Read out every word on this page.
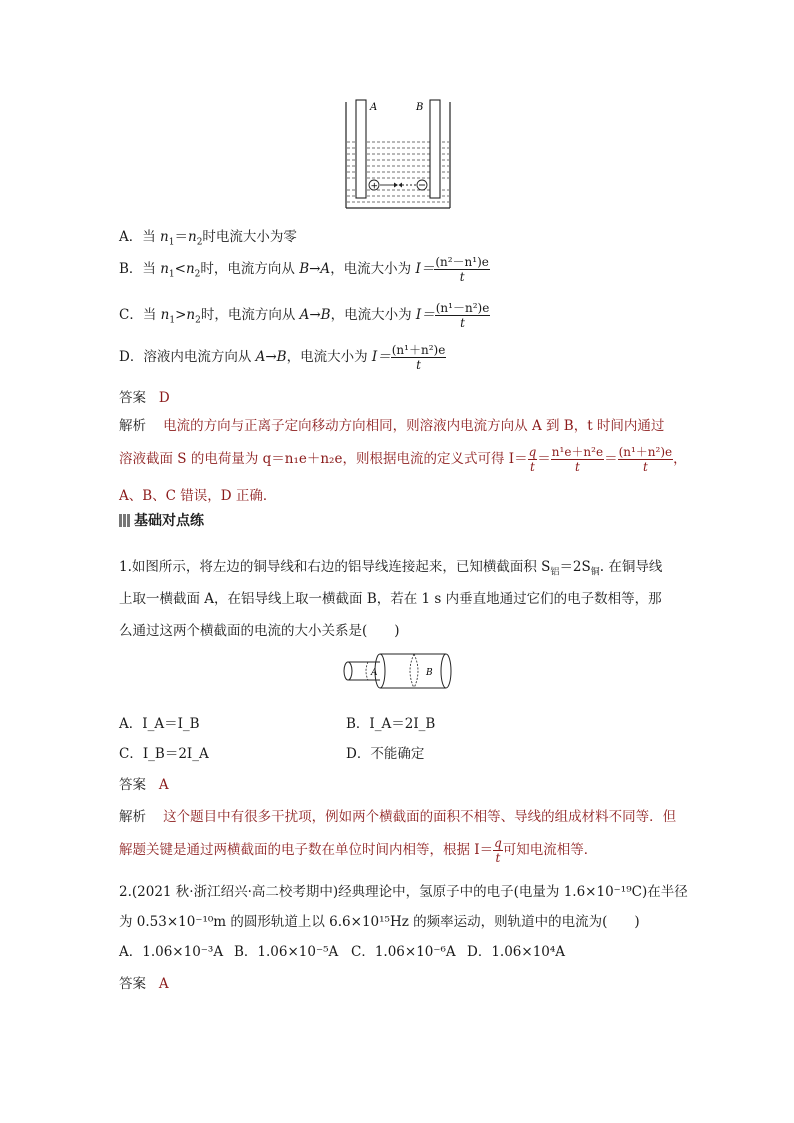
A	B
+
A．当 $n_1=n_2$时电流大小为零
B．当 $n_1<n_2$时，电流方向从 B→A，电流大小为 $I= \frac{\text{(n²－n¹)e}}{t}$
C．当 $n_1>n_2$时，电流方向从 A→B，电流大小为 $I= \frac{\text{(n¹－n²)e}}{t}$
D．溶液内电流方向从 A→B，电流大小为 $I= \frac{\text{(n¹＋n²)e}}{t}$
答案 D
解析 电流的方向与正离子定向移动方向相同，则溶液内电流方向从 A 到 B，t 时间内通过
溶液截面 S 的电荷量为 q＝n₁e＋n₂e，则根据电流的定义式可得 $I= \frac{q}{t} = \frac{\text{n¹e＋n²e}}{t} = \frac{\text{(n¹＋n²)e}}{t}$ ，
A、B、C 错误，D 正确．
基础对点练
1.如图所示，将左边的铜导线和右边的铝导线连接起来，已知横截面积 $S_铝=2S_铜$. 在铜导线
上取一横截面 A，在铝导线上取一横截面 B，若在 1 s 内垂直地通过它们的电子数相等，那
么通过这两个横截面的电流的大小关系是(　　)
A	B
A．I_A＝I_B	B．I_A＝2I_B
C．I_B＝2I_A	D．不能确定
答案 A
解析 这个题目中有很多干扰项，例如两个横截面的面积不相等、导线的组成材料不同等．但
解题关键是通过两横截面的电子数在单位时间内相等，根据 $I= \frac{q}{t}$ 可知电流相等．
2.(2021 秋·浙江绍兴·高二校考期中)经典理论中，氢原子中的电子(电量为 1.6×10⁻¹⁹C)在半径
为 0.53×10⁻¹⁰m 的圆形轨道上以 6.6×10¹⁵Hz 的频率运动，则轨道中的电流为(　　)
A．1.06×10⁻³A B．1.06×10⁻⁵A C．1.06×10⁻⁶A D．1.06×10⁴A
答案 A
